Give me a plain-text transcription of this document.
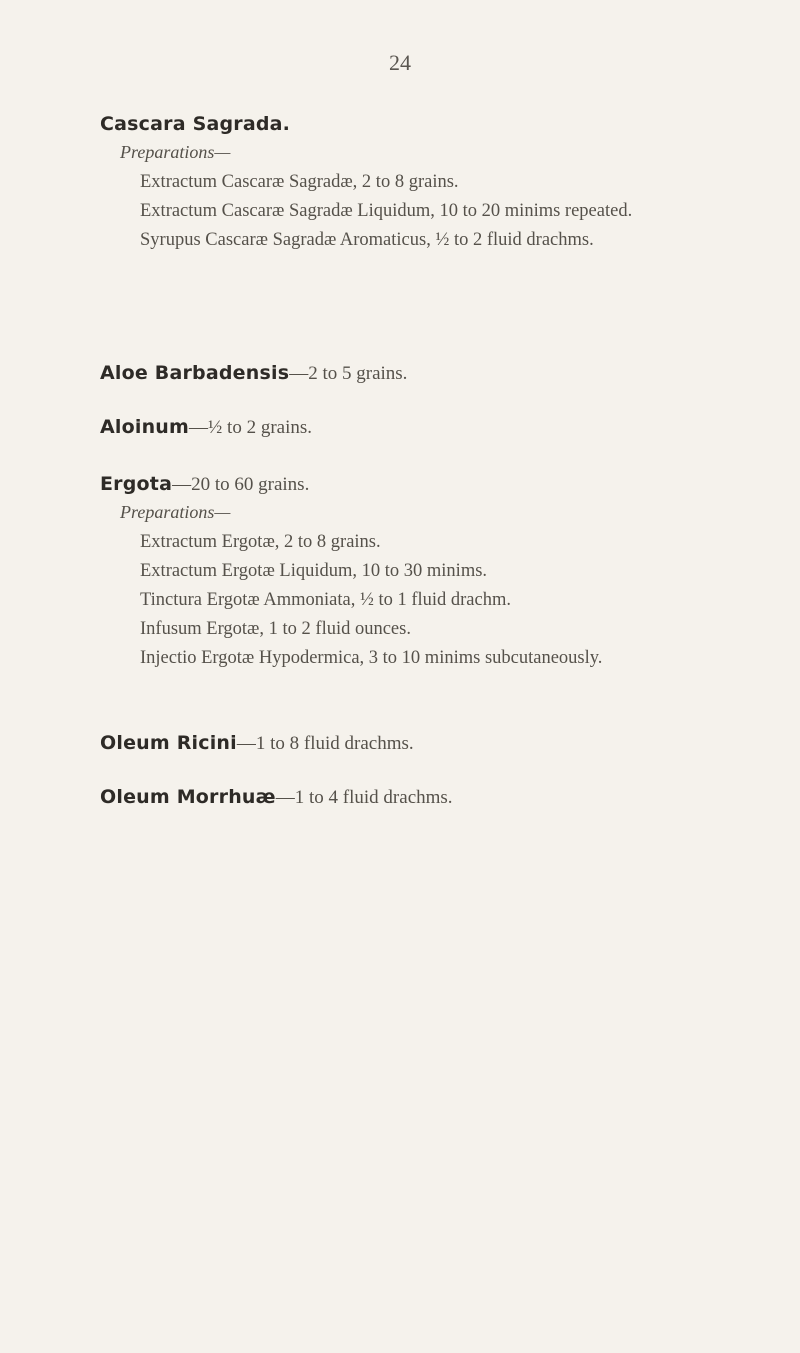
24
Cascara Sagrada.
Preparations—
Extractum Cascaræ Sagradæ, 2 to 8 grains.
Extractum Cascaræ Sagradæ Liquidum, 10 to 20 minims repeated.
Syrupus Cascaræ Sagradæ Aromaticus, ½ to 2 fluid drachms.
Aloe Barbadensis—2 to 5 grains.
Aloinum—½ to 2 grains.
Ergota—20 to 60 grains.
Preparations—
Extractum Ergotæ, 2 to 8 grains.
Extractum Ergotæ Liquidum, 10 to 30 minims.
Tinctura Ergotæ Ammoniata, ½ to 1 fluid drachm.
Infusum Ergotæ, 1 to 2 fluid ounces.
Injectio Ergotæ Hypodermica, 3 to 10 minims subcutaneously.
Oleum Ricini—1 to 8 fluid drachms.
Oleum Morrhuæ—1 to 4 fluid drachms.
